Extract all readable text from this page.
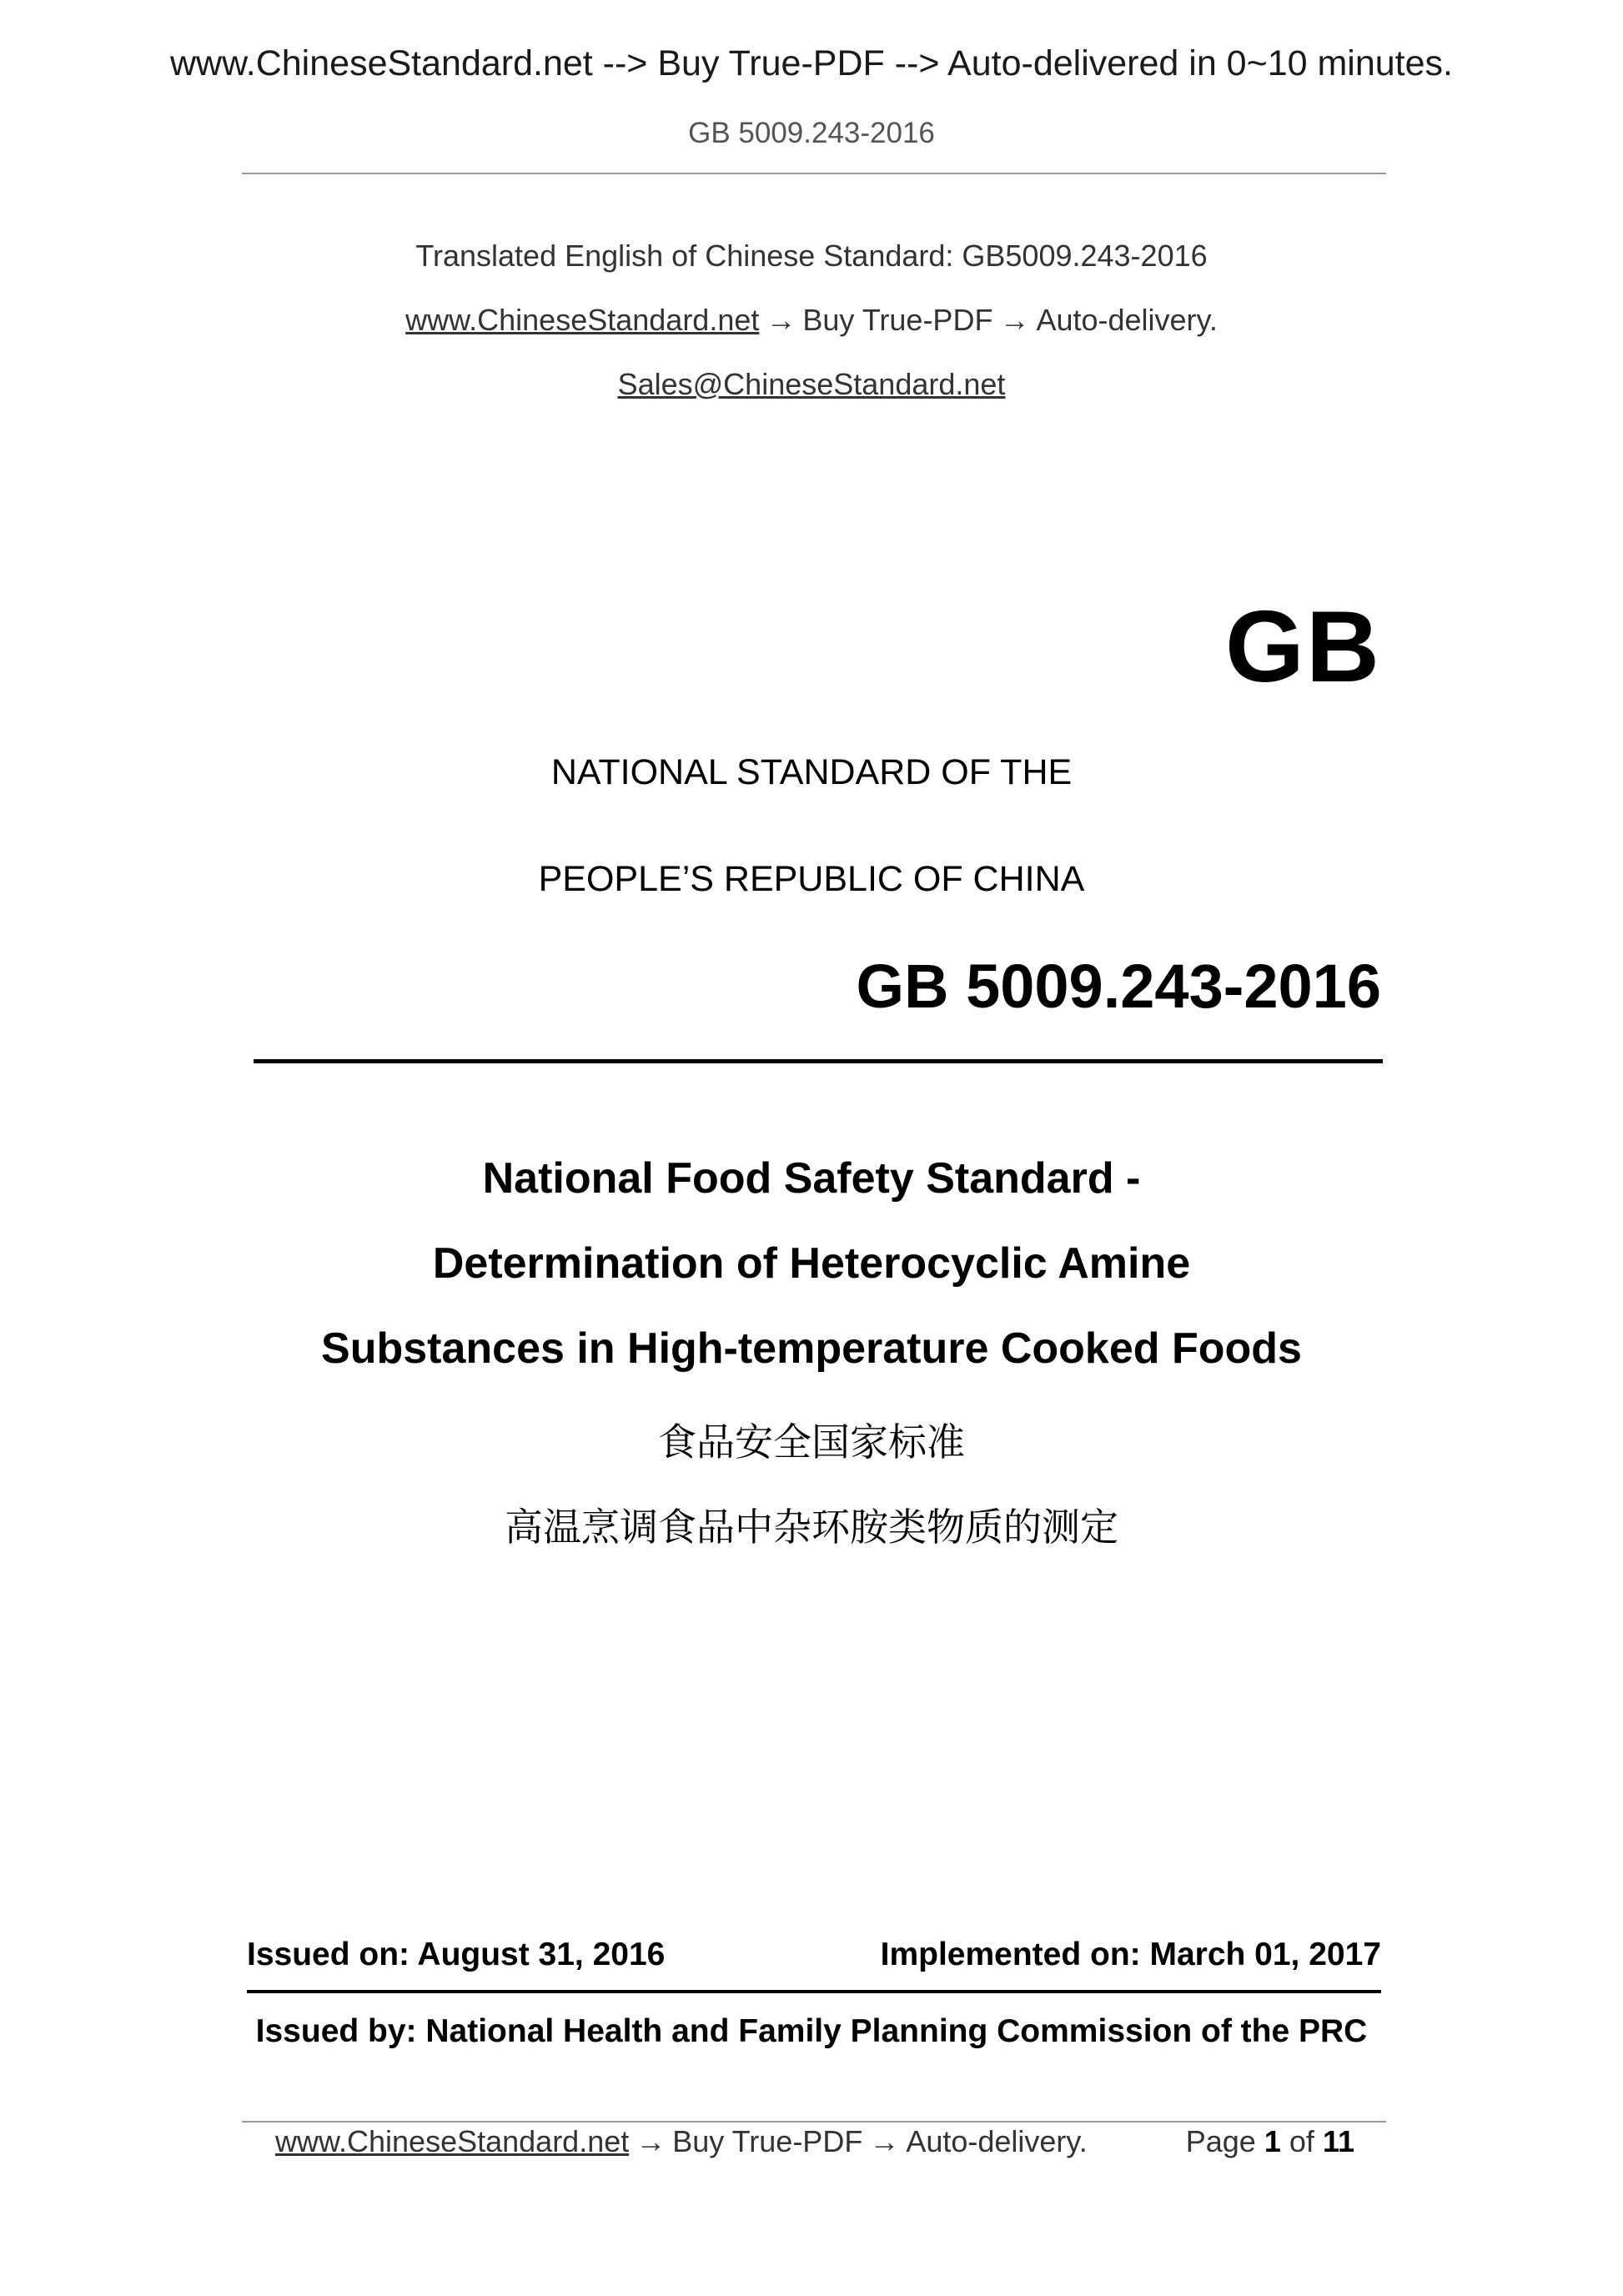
www.ChineseStandard.net --> Buy True-PDF --> Auto-delivered in 0~10 minutes.
GB 5009.243-2016
Translated English of Chinese Standard: GB5009.243-2016
www.ChineseStandard.net → Buy True-PDF → Auto-delivery.
Sales@ChineseStandard.net
GB
NATIONAL STANDARD OF THE
PEOPLE’S REPUBLIC OF CHINA
GB 5009.243-2016
National Food Safety Standard -
Determination of Heterocyclic Amine
Substances in High-temperature Cooked Foods
食品安全国家标准
高温烹调食品中杂环胺类物质的测定
Issued on: August 31, 2016	Implemented on: March 01, 2017
Issued by: National Health and Family Planning Commission of the PRC
www.ChineseStandard.net → Buy True-PDF → Auto-delivery.	Page 1 of 11
